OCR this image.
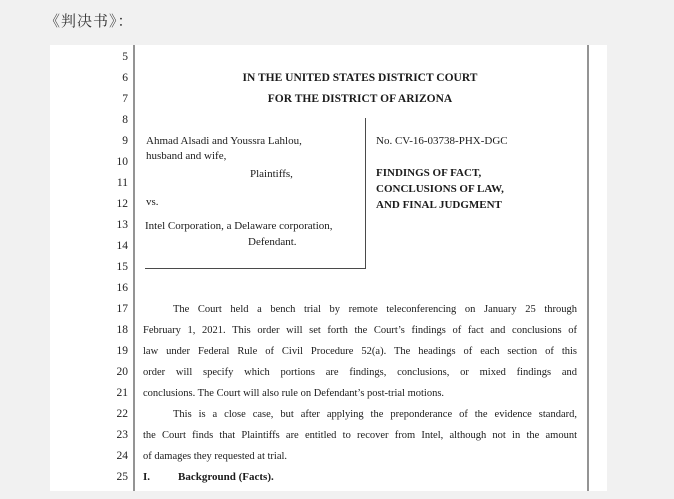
《判决书》：
5
6
7
8
9
10
11
12
13
14
15
16
17
18
19
20
21
22
23
24
25
IN THE UNITED STATES DISTRICT COURT
FOR THE DISTRICT OF ARIZONA
Ahmad Alsadi and Youssra Lahlou,
husband and wife,
Plaintiffs,
vs.
Intel Corporation, a Delaware corporation,
Defendant.
No. CV-16-03738-PHX-DGC
FINDINGS OF FACT,
CONCLUSIONS OF LAW,
AND FINAL JUDGMENT
The Court held a bench trial by remote teleconferencing on January 25 through
February 1, 2021. This order will set forth the Court’s findings of fact and conclusions of
law under Federal Rule of Civil Procedure 52(a). The headings of each section of this
order will specify which portions are findings, conclusions, or mixed findings and
conclusions. The Court will also rule on Defendant’s post-trial motions.
This is a close case, but after applying the preponderance of the evidence standard,
the Court finds that Plaintiffs are entitled to recover from Intel, although not in the amount
of damages they requested at trial.
I.	Background (Facts).
